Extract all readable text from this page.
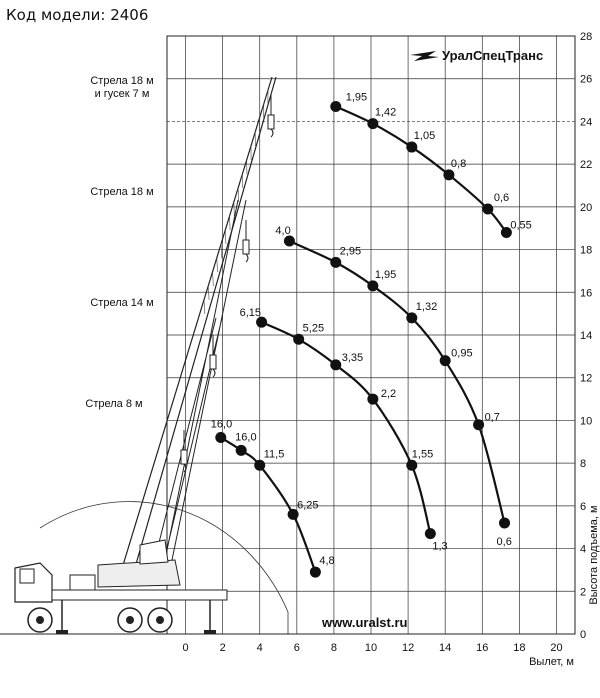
Код модели: 2406
1,95
1,42
1,05
0,8
0,6
0,55
4,0
2,95
1,95
1,32
0,95
0,7
0,6
6,15
5,25
3,35
2,2
1,55
1,3
16,0
16,0
11,5
6,25
4,8
0	2	4	6	8	10 12 14 16 18 20
0
2
4
6
8
10
12
14
16
18
20
22
24
26
28
Вылет, м
Высота подъема, м
УралСпецТранс
www.uralst.ru
Стрела 18 м
и гусек 7 м
Стрела 18 м
Стрела 14 м
Стрела 8 м
